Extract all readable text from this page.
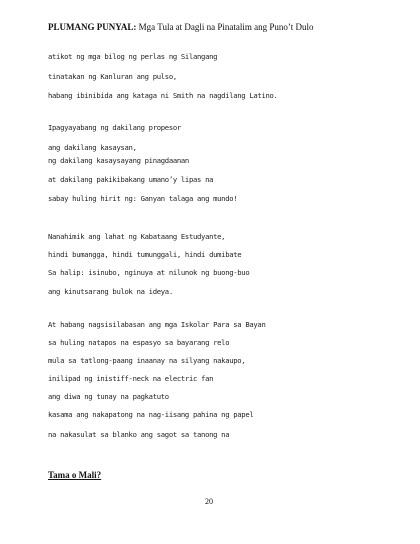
PLUMANG PUNYAL: Mga Tula at Dagli na Pinatalim ang Puno’t Dulo
atikot ng mga bilog ng perlas ng Silangang
tinatakan ng Kanluran ang pulso,
habang ibinibida ang kataga ni Smith na nagdilang Latino.
Ipagyayabang ng dakilang propesor
ang dakilang kasaysan,
ng dakilang kasaysayang pinagdaanan
at dakilang pakikibakang umano’y lipas na
sabay huling hirit ng: Ganyan talaga ang mundo!
Nanahimik ang lahat ng Kabataang Estudyante,
hindi bumangga, hindi tumunggali, hindi dumibate
Sa halip: isinubo, nginuya at nilunok ng buong-buo
ang kinutsarang bulok na ideya.
At habang nagsisilabasan ang mga Iskolar Para sa Bayan
sa huling natapos na espasyo sa bayarang relo
mula sa tatlong-paang inaanay na silyang nakaupo,
inilipad ng inistiff-neck na electric fan
ang diwa ng tunay na pagkatuto
kasama ang nakapatong na nag-iisang pahina ng papel
na nakasulat sa blanko ang sagot sa tanong na
Tama o Mali?
20
